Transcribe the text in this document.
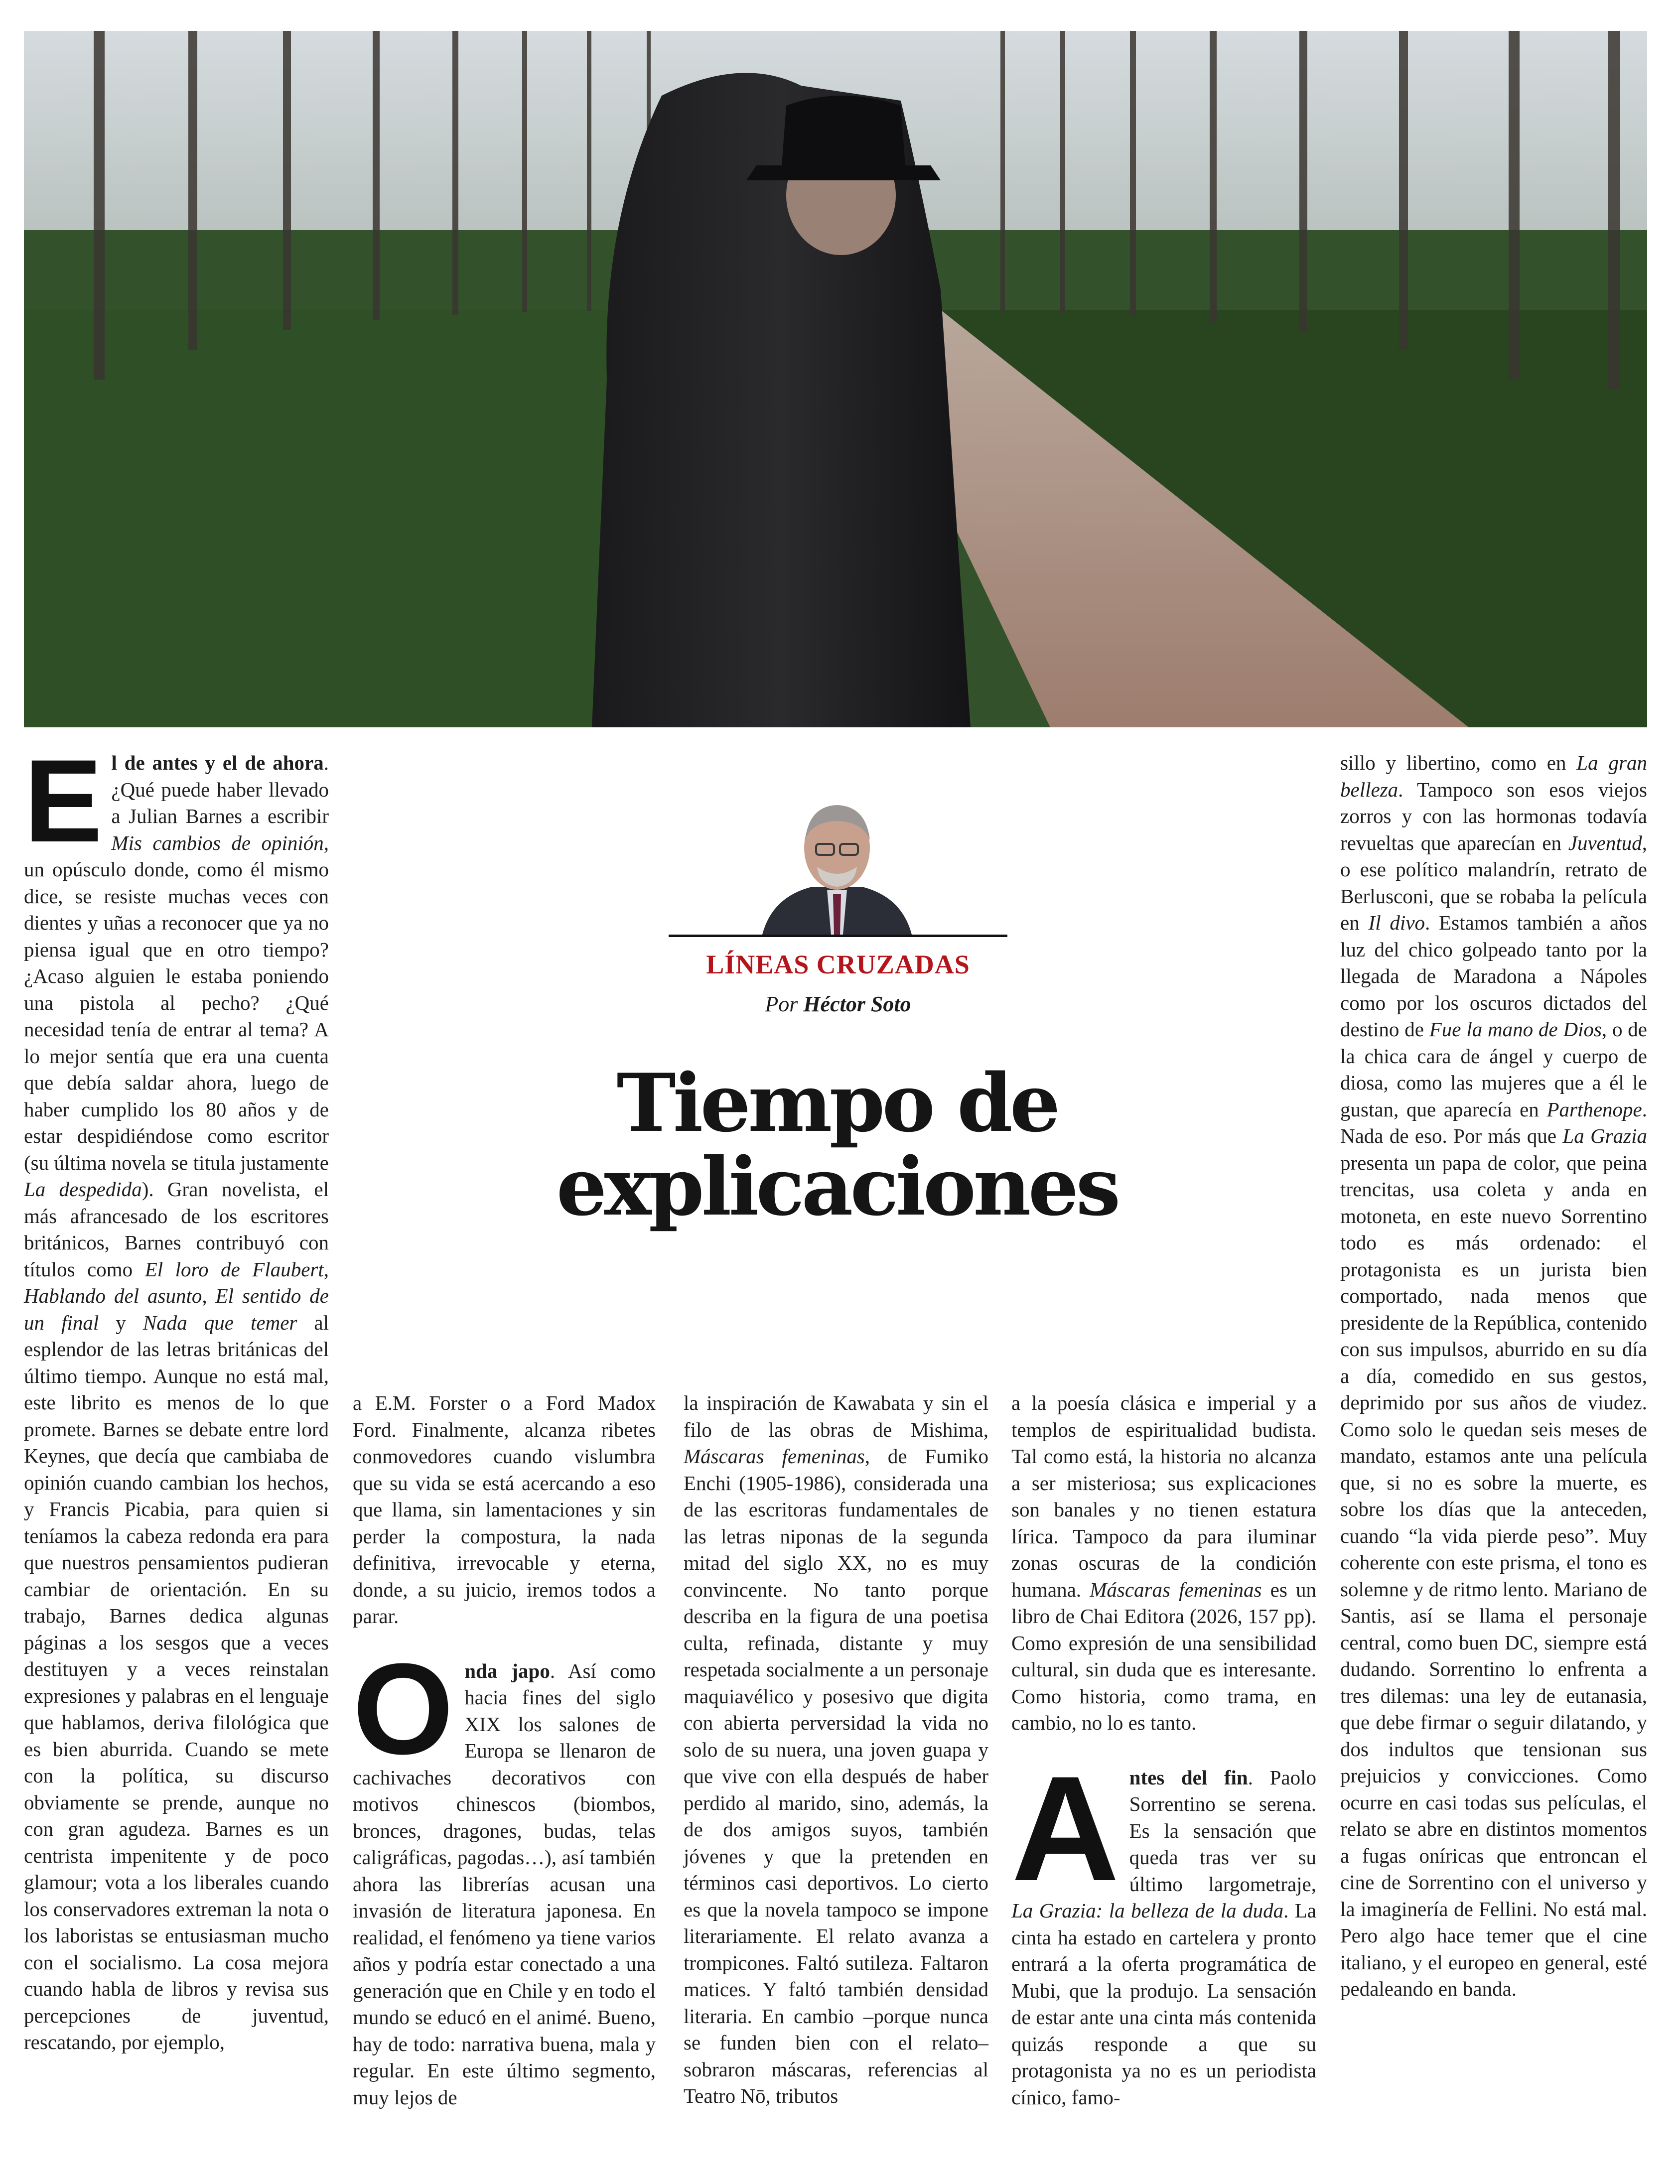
El de antes y el de ahora. ¿Qué puede haber llevado a Julian Barnes a escribir Mis cambios de opinión, un opúsculo donde, como él mismo dice, se resiste muchas veces con dientes y uñas a reconocer que ya no piensa igual que en otro tiempo? ¿Acaso alguien le estaba poniendo una pistola al pecho? ¿Qué necesidad tenía de entrar al tema? A lo mejor sentía que era una cuenta que debía saldar ahora, luego de haber cumplido los 80 años y de estar despidiéndose como escritor (su última novela se titula justamente La despedida). Gran novelista, el más afrancesado de los escritores británicos, Barnes contribuyó con títulos como El loro de Flaubert, Hablando del asunto, El sentido de un final y Nada que temer al esplendor de las letras británicas del último tiempo. Aunque no está mal, este librito es menos de lo que promete. Barnes se debate entre lord Keynes, que decía que cambiaba de opinión cuando cambian los hechos, y Francis Picabia, para quien si teníamos la cabeza redonda era para que nuestros pensamientos pudieran cambiar de orientación. En su trabajo, Barnes dedica algunas páginas a los sesgos que a veces destituyen y a veces reinstalan expresiones y palabras en el lenguaje que hablamos, deriva filológica que es bien aburrida. Cuando se mete con la política, su discurso obviamente se prende, aunque no con gran agudeza. Barnes es un centrista impenitente y de poco glamour; vota a los liberales cuando los conservadores extreman la nota o los laboristas se entusiasman mucho con el socialismo. La cosa mejora cuando habla de libros y revisa sus percepciones de juventud, rescatando, por ejemplo,

LÍNEAS CRUZADAS
Por Héctor Soto
Tiempo de
explicaciones

a E.M. Forster o a Ford Madox Ford. Finalmente, alcanza ribetes conmovedores cuando vislumbra que su vida se está acercando a eso que llama, sin lamentaciones y sin perder la compostura, la nada definitiva, irrevocable y eterna, donde, a su juicio, iremos todos a parar.

Onda japo. Así como hacia fines del siglo XIX los salones de Europa se llenaron de cachivaches decorativos con motivos chinescos (biombos, bronces, dragones, budas, telas caligráficas, pagodas…), así también ahora las librerías acusan una invasión de literatura japonesa. En realidad, el fenómeno ya tiene varios años y podría estar conectado a una generación que en Chile y en todo el mundo se educó en el animé. Bueno, hay de todo: narrativa buena, mala y regular. En este último segmento, muy lejos de

la inspiración de Kawabata y sin el filo de las obras de Mishima, Máscaras femeninas, de Fumiko Enchi (1905-1986), considerada una de las escritoras fundamentales de las letras niponas de la segunda mitad del siglo XX, no es muy convincente. No tanto porque describa en la figura de una poetisa culta, refinada, distante y muy respetada socialmente a un personaje maquiavélico y posesivo que digita con abierta perversidad la vida no solo de su nuera, una joven guapa y que vive con ella después de haber perdido al marido, sino, además, la de dos amigos suyos, también jóvenes y que la pretenden en términos casi deportivos. Lo cierto es que la novela tampoco se impone literariamente. El relato avanza a trompicones. Faltó sutileza. Faltaron matices. Y faltó también densidad literaria. En cambio –porque nunca se funden bien con el relato– sobraron máscaras, referencias al Teatro Nō, tributos

a la poesía clásica e imperial y a templos de espiritualidad budista. Tal como está, la historia no alcanza a ser misteriosa; sus explicaciones son banales y no tienen estatura lírica. Tampoco da para iluminar zonas oscuras de la condición humana. Máscaras femeninas es un libro de Chai Editora (2026, 157 pp). Como expresión de una sensibilidad cultural, sin duda que es interesante. Como historia, como trama, en cambio, no lo es tanto.

Antes del fin. Paolo Sorrentino se serena. Es la sensación que queda tras ver su último largometraje, La Grazia: la belleza de la duda. La cinta ha estado en cartelera y pronto entrará a la oferta programática de Mubi, que la produjo. La sensación de estar ante una cinta más contenida quizás responde a que su protagonista ya no es un periodista cínico, famo-

sillo y libertino, como en La gran belleza. Tampoco son esos viejos zorros y con las hormonas todavía revueltas que aparecían en Juventud, o ese político malandrín, retrato de Berlusconi, que se robaba la película en Il divo. Estamos también a años luz del chico golpeado tanto por la llegada de Maradona a Nápoles como por los oscuros dictados del destino de Fue la mano de Dios, o de la chica cara de ángel y cuerpo de diosa, como las mujeres que a él le gustan, que aparecía en Parthenope. Nada de eso. Por más que La Grazia presenta un papa de color, que peina trencitas, usa coleta y anda en motoneta, en este nuevo Sorrentino todo es más ordenado: el protagonista es un jurista bien comportado, nada menos que presidente de la República, contenido con sus impulsos, aburrido en su día a día, comedido en sus gestos, deprimido por sus años de viudez. Como solo le quedan seis meses de mandato, estamos ante una película que, si no es sobre la muerte, es sobre los días que la anteceden, cuando “la vida pierde peso”. Muy coherente con este prisma, el tono es solemne y de ritmo lento. Mariano de Santis, así se llama el personaje central, como buen DC, siempre está dudando. Sorrentino lo enfrenta a tres dilemas: una ley de eutanasia, que debe firmar o seguir dilatando, y dos indultos que tensionan sus prejuicios y convicciones. Como ocurre en casi todas sus películas, el relato se abre en distintos momentos a fugas oníricas que entroncan el cine de Sorrentino con el universo y la imaginería de Fellini. No está mal. Pero algo hace temer que el cine italiano, y el europeo en general, esté pedaleando en banda.
